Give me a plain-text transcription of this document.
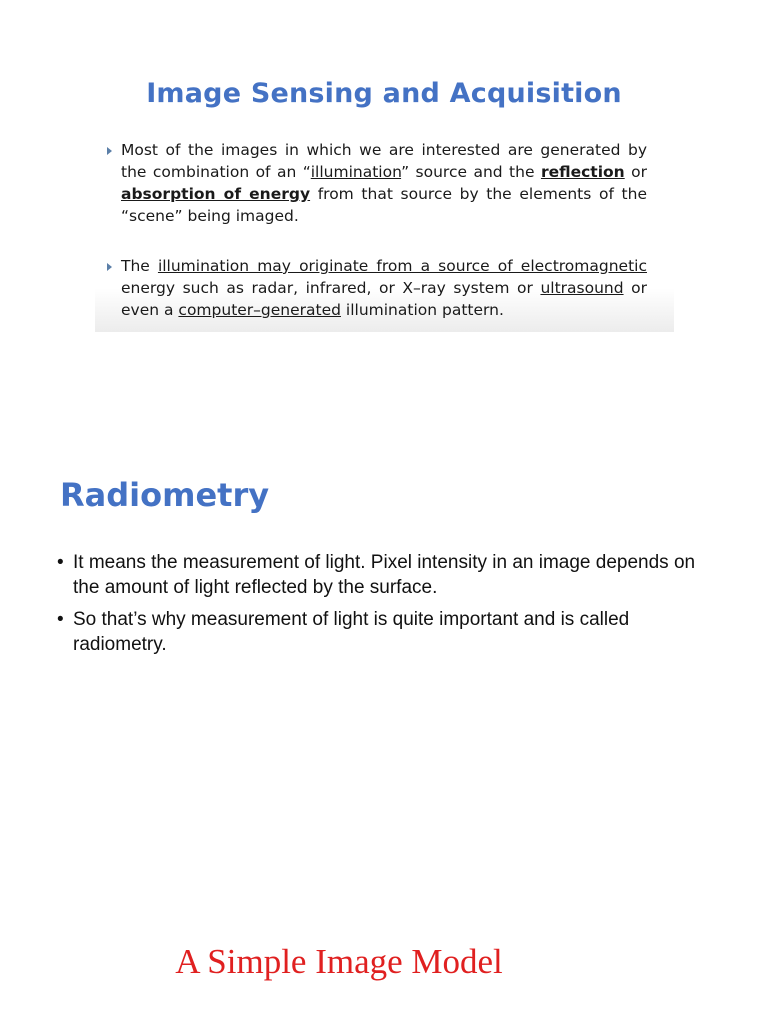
Image Sensing and Acquisition
Most of the images in which we are interested are generated by the combination of an “illumination” source and the reflection or absorption of energy from that source by the elements of the “scene” being imaged.
The illumination may originate from a source of electromagnetic energy such as radar, infrared, or X–ray system or ultrasound or even a computer–generated illumination pattern.
Radiometry
• It means the measurement of light. Pixel intensity in an image depends on the amount of light reflected by the surface.
• So that’s why measurement of light is quite important and is called radiometry.
A Simple Image Model
